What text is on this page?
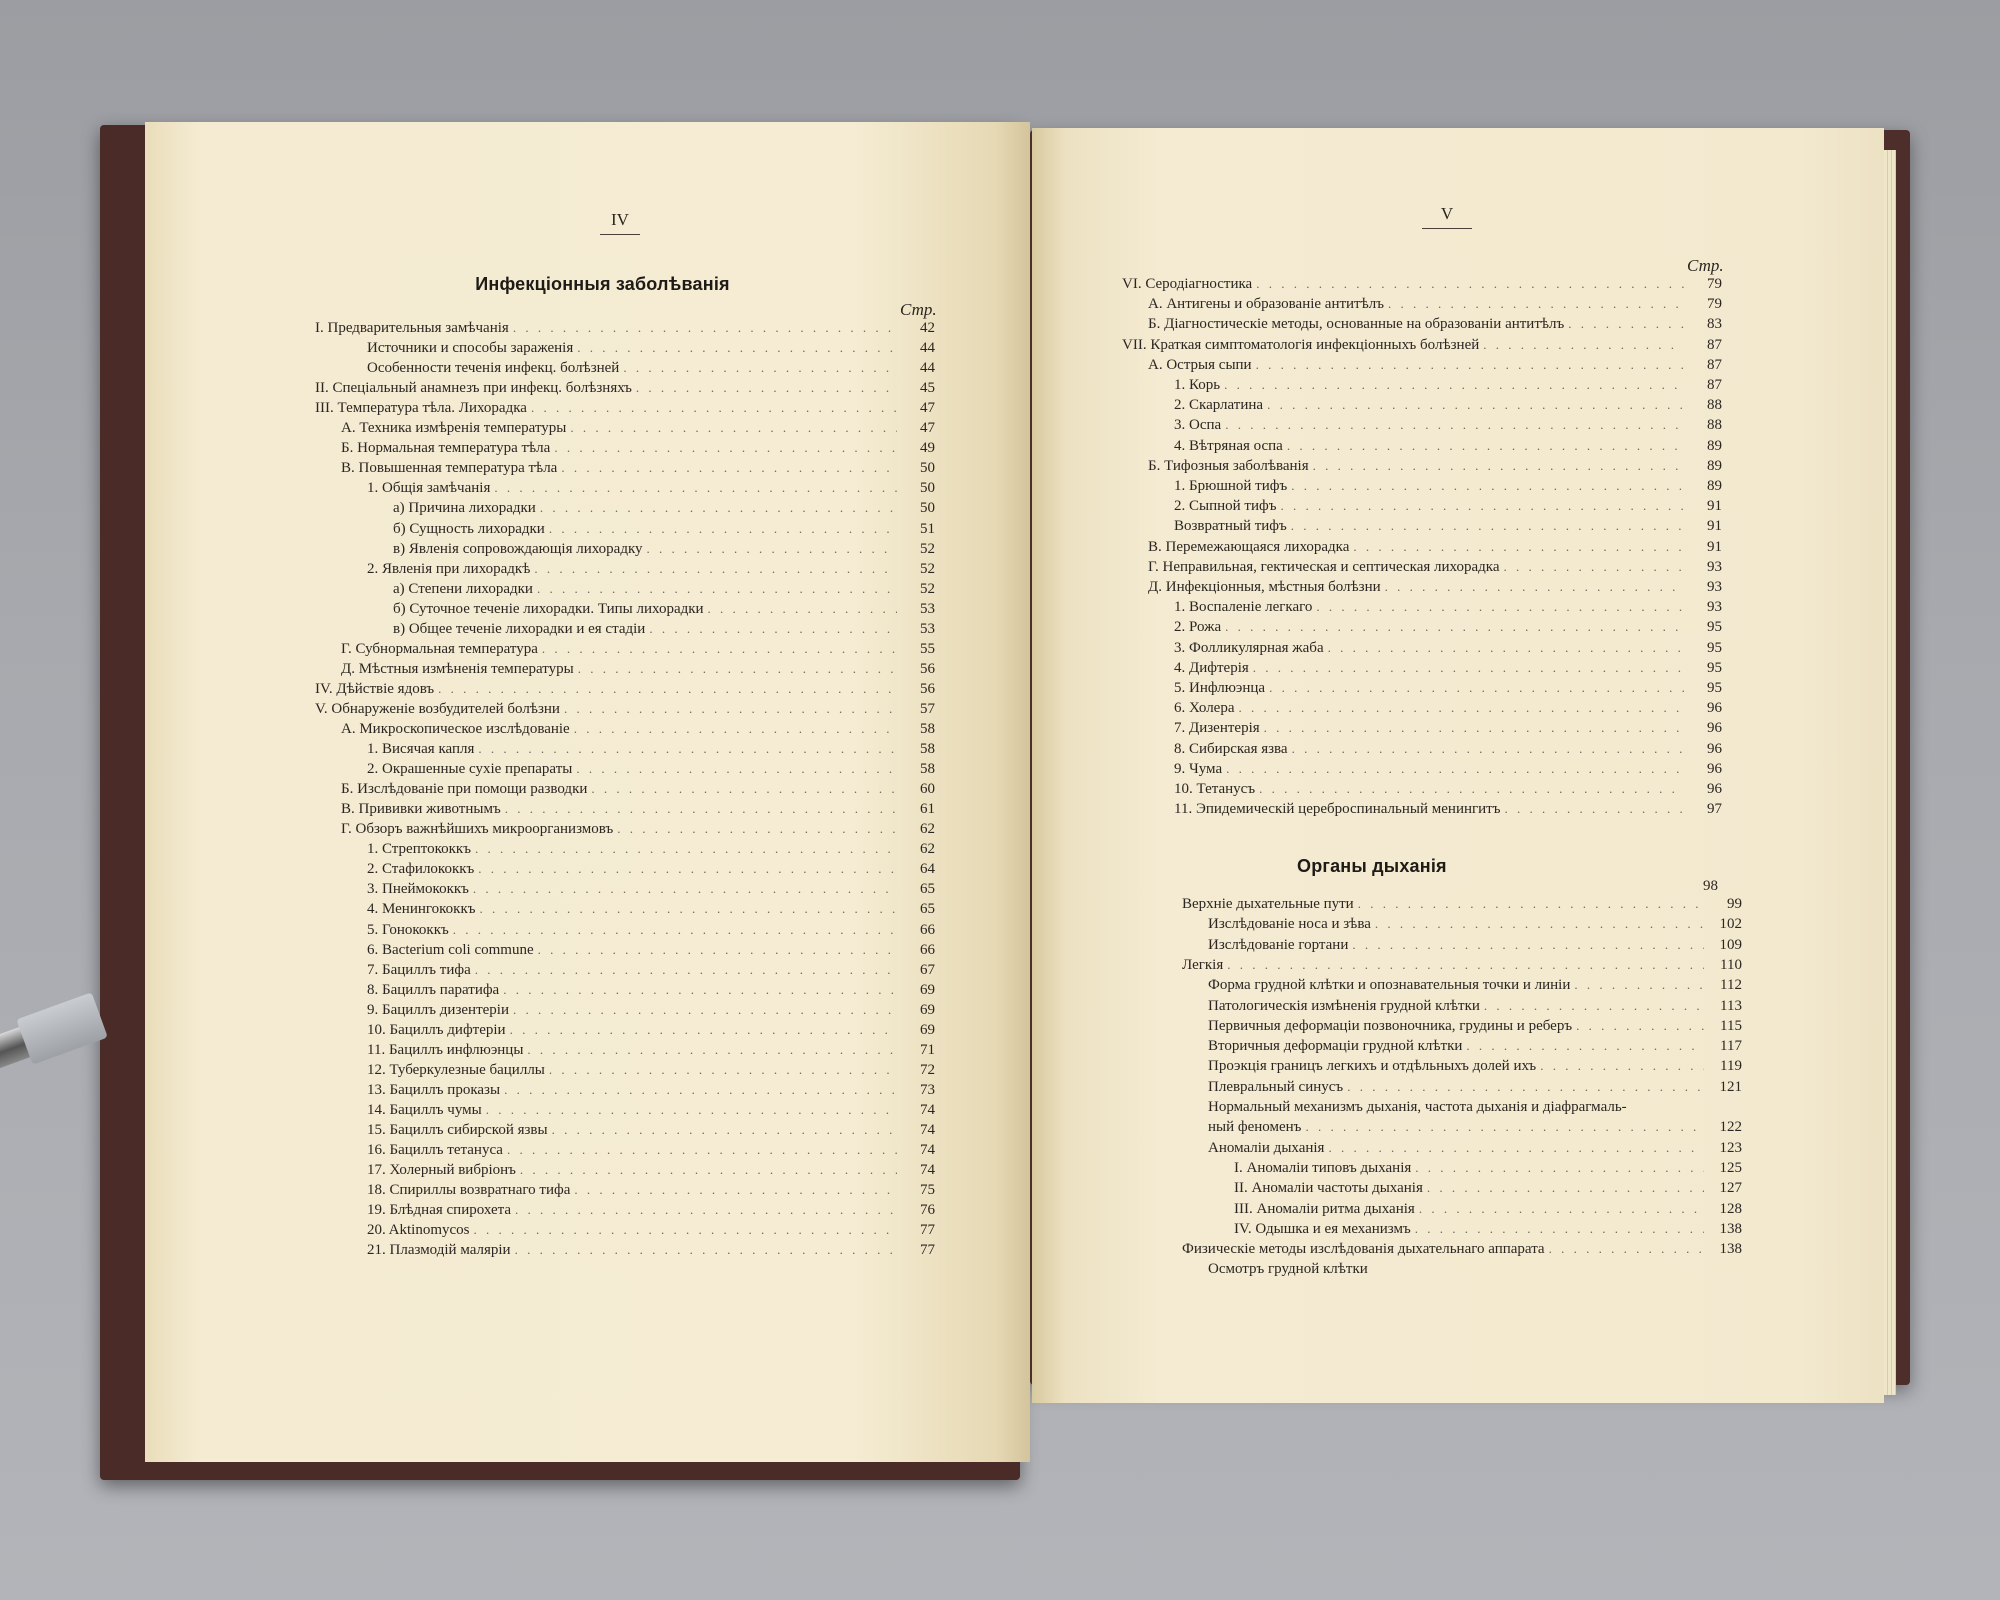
IV
Инфекціонныя заболѣванія
Стр.
I. Предварительныя замѣчанія . . .	42
Источники и способы зараженія . . .	44
Особенности теченія инфекц. болѣзней . . .	44
II. Спеціальный анамнезъ при инфекц. болѣзняхъ . . .	45
III. Температура тѣла. Лихорадка . . .	47
А. Техника измѣренія температуры . . .	47
Б. Нормальная температура тѣла . . .	49
В. Повышенная температура тѣла . . .	50
1. Общія замѣчанія . . .	50
а) Причина лихорадки . . .	50
б) Сущность лихорадки . . .	51
в) Явленія сопровождающія лихорадку . . .	52
2. Явленія при лихорадкѣ . . .	52
а) Степени лихорадки . . .	52
б) Суточное теченіе лихорадки. Типы лихорадки . . .	53
в) Общее теченіе лихорадки и ея стадіи . . .	53
Г. Субнормальная температура . . .	55
Д. Мѣстныя измѣненія температуры . . .	56
IV. Дѣйствіе ядовъ . . .	56
V. Обнаруженіе возбудителей болѣзни . . .	57
А. Микроскопическое изслѣдованіе . . .	58
1. Висячая капля . . .	58
2. Окрашенные сухіе препараты . . .	58
Б. Изслѣдованіе при помощи разводки . . .	60
В. Прививки животнымъ . . .	61
Г. Обзоръ важнѣйшихъ микроорганизмовъ . . .	62
1. Стрептококкъ . . .	62
2. Стафилококкъ . . .	64
3. Пнеймококкъ . . .	65
4. Менингококкъ . . .	65
5. Гонококкъ . . .	66
6. Bacterium coli commune . . .	66
7. Бациллъ тифа . . .	67
8. Бациллъ паратифа . . .	69
9. Бациллъ дизентеріи . . .	69
10. Бациллъ дифтеріи . . .	69
11. Бациллъ инфлюэнцы . . .	71
12. Туберкулезные бациллы . . .	72
13. Бациллъ проказы . . .	73
14. Бациллъ чумы . . .	74
15. Бациллъ сибирской язвы . . .	74
16. Бациллъ тетануса . . .	74
17. Холерный вибріонъ . . .	74
18. Спириллы возвратнаго тифа . . .	75
19. Блѣдная спирохета . . .	76
20. Aktinomycos . . .	77
21. Плазмодій малярiи . . .	77
V
Стр.
VI. Серодіагностика . . .	79
А. Антигены и образованіе антитѣлъ . . .	79
Б. Діагностическіе методы, основанные на образованіи антитѣлъ . . .	83
VII. Краткая симптоматологія инфекціонныхъ болѣзней . . .	87
А. Острыя сыпи . . .	87
1. Корь . . .	87
2. Скарлатина . . .	88
3. Оспа . . .	88
4. Вѣтряная оспа . . .	89
Б. Тифозныя заболѣванія . . .	89
1. Брюшной тифъ . . .	89
2. Сыпной тифъ . . .	91
Возвратный тифъ . . .	91
В. Перемежающаяся лихорадка . . .	91
Г. Неправильная, гектическая и септическая лихорадка . . .	93
Д. Инфекціонныя, мѣстныя болѣзни . . .	93
1. Воспаленіе легкаго . . .	93
2. Рожа . . .	95
3. Фолликулярная жаба . . .	95
4. Дифтерія . . .	95
5. Инфлюэнца . . .	95
6. Холера . . .	96
7. Дизентерія . . .	96
8. Сибирская язва . . .	96
9. Чума . . .	96
10. Тетанусъ . . .	96
11. Эпидемическій цереброспинальный менингитъ . . .	97
Органы дыханія
98
Верхніе дыхательные пути . . .	99
Изслѣдованіе носа и зѣва . . .	102
Изслѣдованіе гортани . . .	109
Легкія . . .	110
Форма грудной клѣтки и опознавательныя точки и линіи . . .	112
Патологическія измѣненія грудной клѣтки . . .	113
Первичныя деформаціи позвоночника, грудины и реберъ . . .	115
Вторичныя деформаціи грудной клѣтки . . .	117
Проэкція границъ легкихъ и отдѣльныхъ долей ихъ . . .	119
Плевральный синусъ . . .	121
Нормальный механизмъ дыханія, частота дыханія и діафрагмаль-
ный феноменъ . . .	122
Аномаліи дыханія . . .	123
I. Аномаліи типовъ дыханія . . .	125
II. Аномаліи частоты дыханія . . .	127
III. Аномаліи ритма дыханія . . .	128
IV. Одышка и ея механизмъ . . .	138
Физическіе методы изслѣдованія дыхательнаго аппарата . . .	138
Осмотръ грудной клѣтки
